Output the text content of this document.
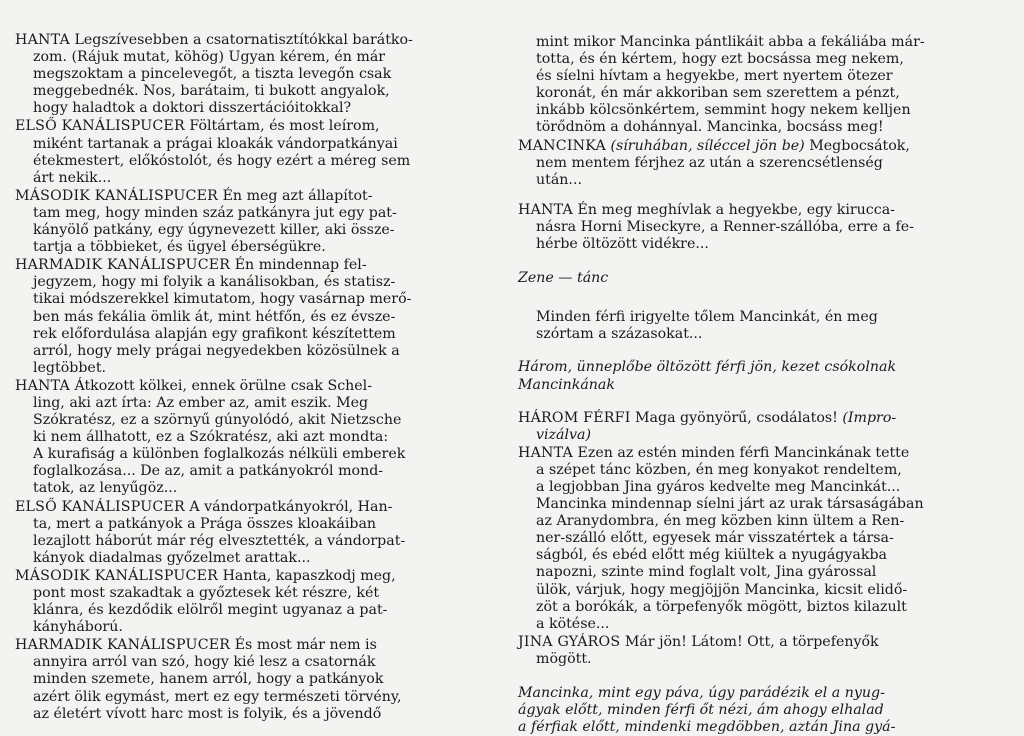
HANTA Legszívesebben a csatornatisztítókkal barátko-
zom. (Rájuk mutat, köhög) Ugyan kérem, én már
megszoktam a pincelevegőt, a tiszta levegőn csak
meggebednék. Nos, barátaim, ti bukott angyalok,
hogy haladtok a doktori disszertációitokkal?
ELSŐ KANÁLISPUCER Föltártam, és most leírom,
miként tartanak a prágai kloakák vándorpatkányai
étekmestert, előkóstolót, és hogy ezért a méreg sem
árt nekik...
MÁSODIK KANÁLISPUCER Én meg azt állapítot-
tam meg, hogy minden száz patkányra jut egy pat-
kányölő patkány, egy úgynevezett killer, aki össze-
tartja a többieket, és ügyel éberségükre.
HARMADIK KANÁLISPUCER Én mindennap fel-
jegyzem, hogy mi folyik a kanálisokban, és statisz-
tikai módszerekkel kimutatom, hogy vasárnap merő-
ben más fekália ömlik át, mint hétfőn, és ez évsze-
rek előfordulása alapján egy grafikont készítettem
arról, hogy mely prágai negyedekben közösülnek a
legtöbbet.
HANTA Átkozott kölkei, ennek örülne csak Schel-
ling, aki azt írta: Az ember az, amit eszik. Meg
Szókratész, ez a szörnyű gúnyolódó, akit Nietzsche
ki nem állhatott, ez a Szókratész, aki azt mondta:
A kurafiság a különben foglalkozás nélküli emberek
foglalkozása... De az, amit a patkányokról mond-
tatok, az lenyűgöz...
ELSŐ KANÁLISPUCER A vándorpatkányokról, Han-
ta, mert a patkányok a Prága összes kloakáiban
lezajlott háborút már rég elvesztették, a vándorpat-
kányok diadalmas győzelmet arattak...
MÁSODIK KANÁLISPUCER Hanta, kapaszkodj meg,
pont most szakadtak a győztesek két részre, két
klánra, és kezdődik elölről megint ugyanaz a pat-
kányháború.
HARMADIK KANÁLISPUCER És most már nem is
annyira arról van szó, hogy kié lesz a csatornák
minden szemete, hanem arról, hogy a patkányok
azért ölik egymást, mert ez egy természeti törvény,
az életért vívott harc most is folyik, és a jövendő
mint mikor Mancinka pántlikáit abba a fekáliába már-
totta, és én kértem, hogy ezt bocsássa meg nekem,
és síelni hívtam a hegyekbe, mert nyertem ötezer
koronát, én már akkoriban sem szerettem a pénzt,
inkább kölcsönkértem, semmint hogy nekem kelljen
törődnöm a dohánnyal. Mancinka, bocsáss meg!
MANCINKA (síruhában, síléccel jön be) Megbocsátok,
nem mentem férjhez az után a szerencsétlenség
után...
HANTA Én meg meghívlak a hegyekbe, egy kirucca-
násra Horni Miseckyre, a Renner-szállóba, erre a fe-
hérbe öltözött vidékre...

Zene — tánc

Minden férfi irigyelte tőlem Mancinkát, én meg

szórtam a százasokat...

Három, ünneplőbe öltözött férfi jön, kezet csókolnak

Mancinkának

HÁROM FÉRFI Maga gyönyörű, csodálatos! (Impro-
vizálva)
HANTA Ezen az estén minden férfi Mancinkának tette
a szépet tánc közben, én meg konyakot rendeltem,
a legjobban Jina gyáros kedvelte meg Mancinkát...
Mancinka mindennap síelni járt az urak társaságában
az Aranydombra, én meg közben kinn ültem a Ren-
ner-szálló előtt, egyesek már visszatértek a társa-
ságból, és ebéd előtt még kiültek a nyugágyakba
napozni, szinte mind foglalt volt, Jina gyárossal
ülök, várjuk, hogy megjöjjön Mancinka, kicsit elidő-
zöt a borókák, a törpefenyők mögött, biztos kilazult
a kötése...
JINA GYÁROS Már jön! Látom! Ott, a törpefenyők
mögött.

Mancinka, mint egy páva, úgy parádézik el a nyug-

ágyak előtt, minden férfi őt nézi, ám ahogy elhalad

a férfiak előtt, mindenki megdöbben, aztán Jina gyá-
